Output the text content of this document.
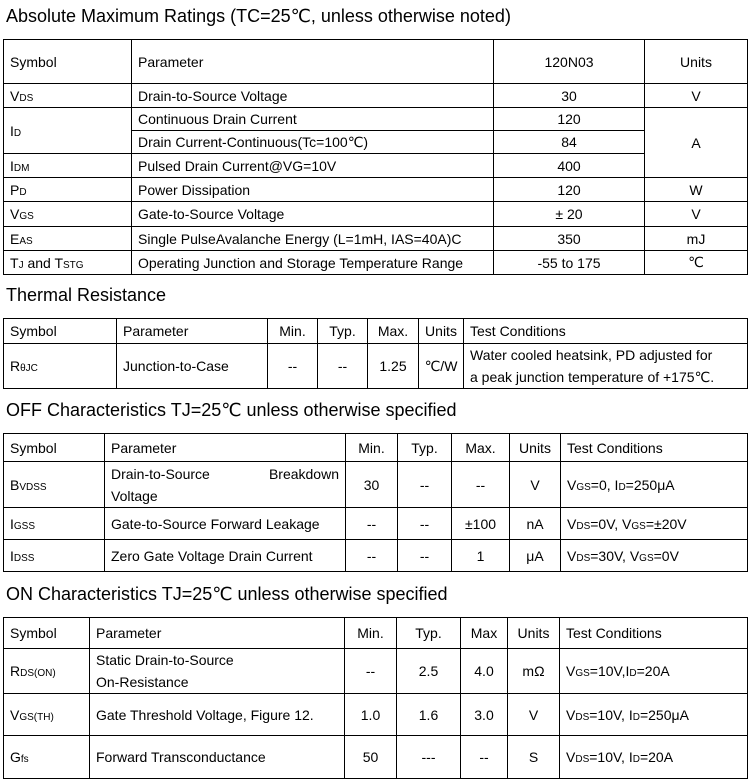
Absolute Maximum Ratings (TC=25℃, unless otherwise noted)
Symbol	Parameter	120N03	Units
VDS	Drain-to-Source Voltage	30	V
ID	Continuous Drain Current	120	A
	Drain Current-Continuous(Tc=100℃)	84	
IDM	Pulsed Drain Current@VG=10V	400	
PD	Power Dissipation	120	W
VGS	Gate-to-Source Voltage	± 20	V
EAS	Single PulseAvalanche Energy (L=1mH, IAS=40A)C	350	mJ
TJ and TSTG	Operating Junction and Storage Temperature Range	-55 to 175	℃
Thermal Resistance
Symbol	Parameter	Min.	Typ.	Max.	Units	Test Conditions
RθJC	Junction-to-Case	--	--	1.25	℃/W	Water cooled heatsink, PD adjusted for
a peak junction temperature of +175℃.
OFF Characteristics TJ=25℃ unless otherwise specified
Symbol	Parameter	Min.	Typ.	Max.	Units	Test Conditions
BVDSS	Drain-to-Source Breakdown
Voltage	30	--	--	V	VGS=0, ID=250μA
IGSS	Gate-to-Source Forward Leakage	--	--	±100	nA	VDS=0V, VGS=±20V
IDSS	Zero Gate Voltage Drain Current	--	--	1	μA	VDS=30V, VGS=0V
ON Characteristics TJ=25℃ unless otherwise specified
Symbol	Parameter	Min.	Typ.	Max	Units	Test Conditions
RDS(ON)	Static Drain-to-Source
On-Resistance	--	2.5	4.0	mΩ	VGS=10V,ID=20A
VGS(TH)	Gate Threshold Voltage, Figure 12.	1.0	1.6	3.0	V	VDS=10V, ID=250μA
Gfs	Forward Transconductance	50	---	--	S	VDS=10V, ID=20A
